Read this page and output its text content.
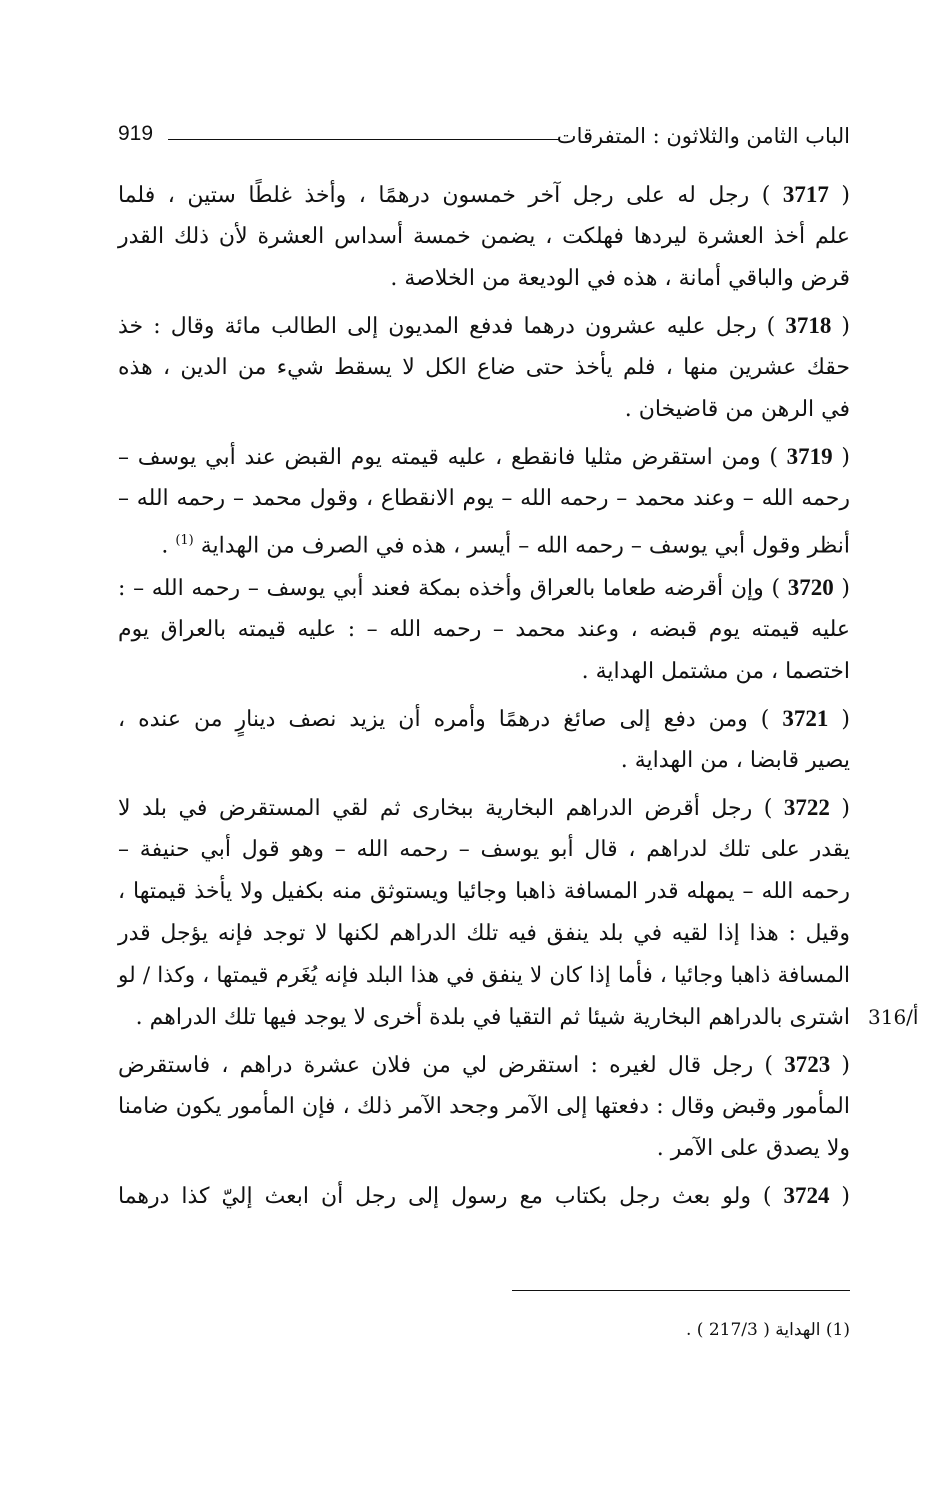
الباب الثامن والثلاثون : المتفرقات
919
( 3717 ) رجل له على رجل آخر خمسون درهمًا ، وأخذ غلطًا ستين ، فلما
علم أخذ العشرة ليردها فهلكت ، يضمن خمسة أسداس العشرة لأن ذلك القدر
قرض والباقي أمانة ، هذه في الوديعة من الخلاصة .
( 3718 ) رجل عليه عشرون درهما فدفع المديون إلى الطالب مائة وقال : خذ
حقك عشرين منها ، فلم يأخذ حتى ضاع الكل لا يسقط شيء من الدين ، هذه
في الرهن من قاضيخان .
( 3719 ) ومن استقرض مثليا فانقطع ، عليه قيمته يوم القبض عند أبي يوسف –
رحمه الله – وعند محمد – رحمه الله – يوم الانقطاع ، وقول محمد – رحمه الله –
أنظر وقول أبي يوسف – رحمه الله – أيسر ، هذه في الصرف من الهداية $^{(1)}$ .
( 3720 ) وإن أقرضه طعاما بالعراق وأخذه بمكة فعند أبي يوسف – رحمه الله – :
عليه قيمته يوم قبضه ، وعند محمد – رحمه الله – : عليه قيمته بالعراق يوم
اختصما ، من مشتمل الهداية .
( 3721 ) ومن دفع إلى صائغ درهمًا وأمره أن يزيد نصف دينارٍ من عنده ،
يصير قابضا ، من الهداية .
( 3722 ) رجل أقرض الدراهم البخارية ببخارى ثم لقي المستقرض في بلد لا
يقدر على تلك لدراهم ، قال أبو يوسف – رحمه الله – وهو قول أبي حنيفة –
رحمه الله – يمهله قدر المسافة ذاهبا وجائيا ويستوثق منه بكفيل ولا يأخذ قيمتها ،
وقيل : هذا إذا لقيه في بلد ينفق فيه تلك الدراهم لكنها لا توجد فإنه يؤجل قدر
المسافة ذاهبا وجائيا ، فأما إذا كان لا ينفق في هذا البلد فإنه يُغَرم قيمتها ، وكذا / لو
اشترى بالدراهم البخارية شيئا ثم التقيا في بلدة أخرى لا يوجد فيها تلك الدراهم .
( 3723 ) رجل قال لغيره : استقرض لي من فلان عشرة دراهم ، فاستقرض
المأمور وقبض وقال : دفعتها إلى الآمر وجحد الآمر ذلك ، فإن المأمور يكون ضامنا
ولا يصدق على الآمر .
( 3724 ) ولو بعث رجل بكتاب مع رسول إلى رجل أن ابعث إليّ كذا درهما
316/أ
(1) الهداية ( 217/3 ) .
